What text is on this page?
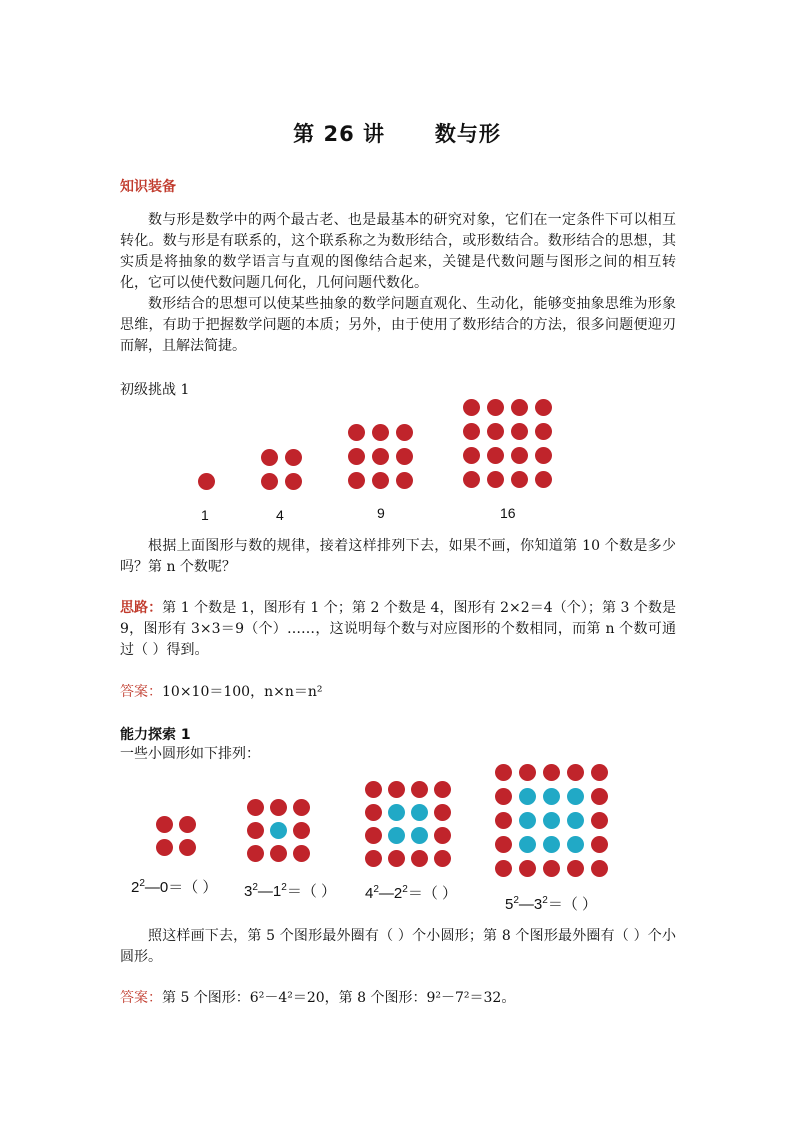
第 26 讲      数与形
知识装备
数与形是数学中的两个最古老、也是最基本的研究对象，它们在一定条件下可以相互转化。数与形是有联系的，这个联系称之为数形结合，或形数结合。数形结合的思想，其实质是将抽象的数学语言与直观的图像结合起来，关键是代数问题与图形之间的相互转化，它可以使代数问题几何化，几何问题代数化。
数形结合的思想可以使某些抽象的数学问题直观化、生动化，能够变抽象思维为形象思维，有助于把握数学问题的本质；另外，由于使用了数形结合的方法，很多问题便迎刃而解，且解法简捷。
初级挑战 1
1	4	9	16
根据上面图形与数的规律，接着这样排列下去，如果不画，你知道第 10 个数是多少吗？第 n 个数呢？
思路：第 1 个数是 1，图形有 1 个；第 2 个数是 4，图形有 2×2＝4（个）；第 3 个数是 9，图形有 3×3＝9（个）……，这说明每个数与对应图形的个数相同，而第 n 个数可通过（ ）得到。
答案：10×10＝100，n×n＝n²
能力探索 1
一些小圆形如下排列：
$2^2—0=$（ ） $3^2—1^2=$（ ） $4^2—2^2=$（ ）
$5^2—3^2=$（ ）
照这样画下去，第 5 个图形最外圈有（ ）个小圆形；第 8 个图形最外圈有（ ）个小圆形。
答案：第 5 个图形：6²－4²＝20，第 8 个图形：9²－7²＝32。
